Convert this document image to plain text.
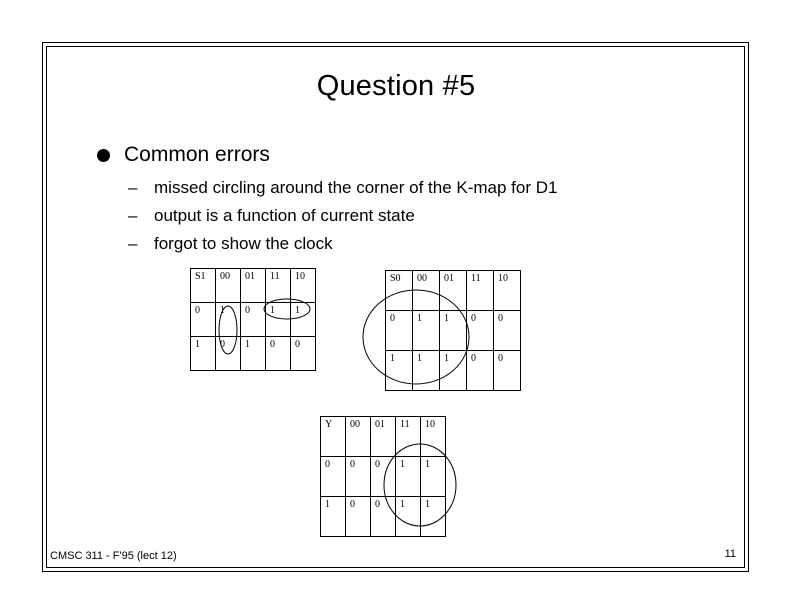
Question #5
Common errors
– missed circling around the corner of the K-map for D1
– output is a function of current state
– forgot to show the clock
S1	00	01	11	10
0	1	0	1	1
1	0	1	0	0
S0	00	01	11	10
0	1	1	0	0
1	1	1	0	0
Y	00	01	11	10
0	0	0	1	1
1	0	0	1	1
CMSC 311 - F'95 (lect 12)	11
